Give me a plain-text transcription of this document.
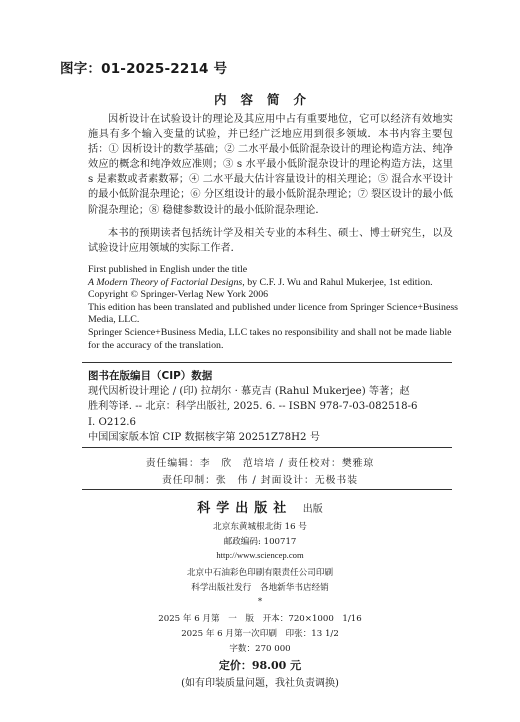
图字：01-2025-2214 号
内容简介

因析设计在试验设计的理论及其应用中占有重要地位，它可以经济有效地实施具有多个输入变量的试验，并已经广泛地应用到很多领域．本书内容主要包括：① 因析设计的数学基础；② 二水平最小低阶混杂设计的理论构造方法、纯净效应的概念和纯净效应准则；③ s 水平最小低阶混杂设计的理论构造方法，这里 s 是素数或者素数幂；④ 二水平最大估计容量设计的相关理论；⑤ 混合水平设计的最小低阶混杂理论；⑥ 分区组设计的最小低阶混杂理论；⑦ 裂区设计的最小低阶混杂理论；⑧ 稳健参数设计的最小低阶混杂理论．

本书的预期读者包括统计学及相关专业的本科生、硕士、博士研究生，以及试验设计应用领域的实际工作者．

First published in English under the title
A Modern Theory of Factorial Designs, by C.F. J. Wu and Rahul Mukerjee, 1st edition.
Copyright © Springer-Verlag New York 2006
This edition has been translated and published under licence from Springer Science+Business
Media, LLC.
Springer Science+Business Media, LLC takes no responsibility and shall not be made liable
for the accuracy of the translation.
图书在版编目（CIP）数据
现代因析设计理论 / (印) 拉胡尔 · 慕克吉 (Rahul Mukerjee) 等著；赵
胜利等译. -- 北京：科学出版社, 2025. 6. -- ISBN 978-7-03-082518-6
I. O212.6
中国国家版本馆 CIP 数据核字第 20251Z78H2 号
责任编辑：李　欣　范培培 / 责任校对：樊雅琼
责任印制：张　伟 / 封面设计：无极书装
科学出版社 出版
北京东黄城根北街 16 号
邮政编码: 100717
http://www.sciencep.com
北京中石油彩色印刷有限责任公司印刷
科学出版社发行　各地新华书店经销
*
2025 年 6 月第　一　版　开本：720×1000　1/16
2025 年 6 月第一次印刷　印张：13 1/2
字数：270 000
定价：98.00 元
(如有印装质量问题，我社负责调换)
